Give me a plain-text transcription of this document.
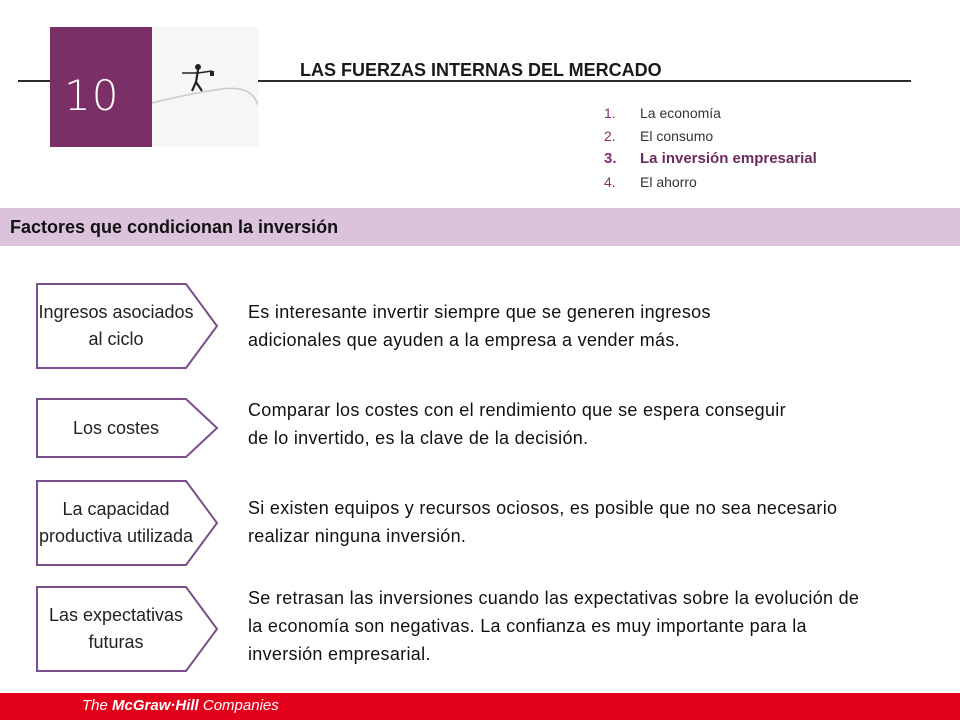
10
LAS FUERZAS INTERNAS DEL MERCADO
1.	La economía
2.	El consumo
3.	La inversión empresarial
4.	El ahorro
Factores que condicionan la inversión
Ingresos asociados al ciclo
Es interesante invertir siempre que se generen ingresos adicionales que ayuden a la empresa a vender más.
Los costes
Comparar los costes con el rendimiento que se espera conseguir de lo invertido, es la clave de la decisión.
La capacidad productiva utilizada
Si existen equipos y recursos ociosos, es posible que no sea necesario realizar ninguna inversión.
Las expectativas futuras
Se retrasan las inversiones cuando las expectativas sobre la evolución de la economía son negativas. La confianza es muy importante para la inversión empresarial.
The McGraw·Hill Companies
